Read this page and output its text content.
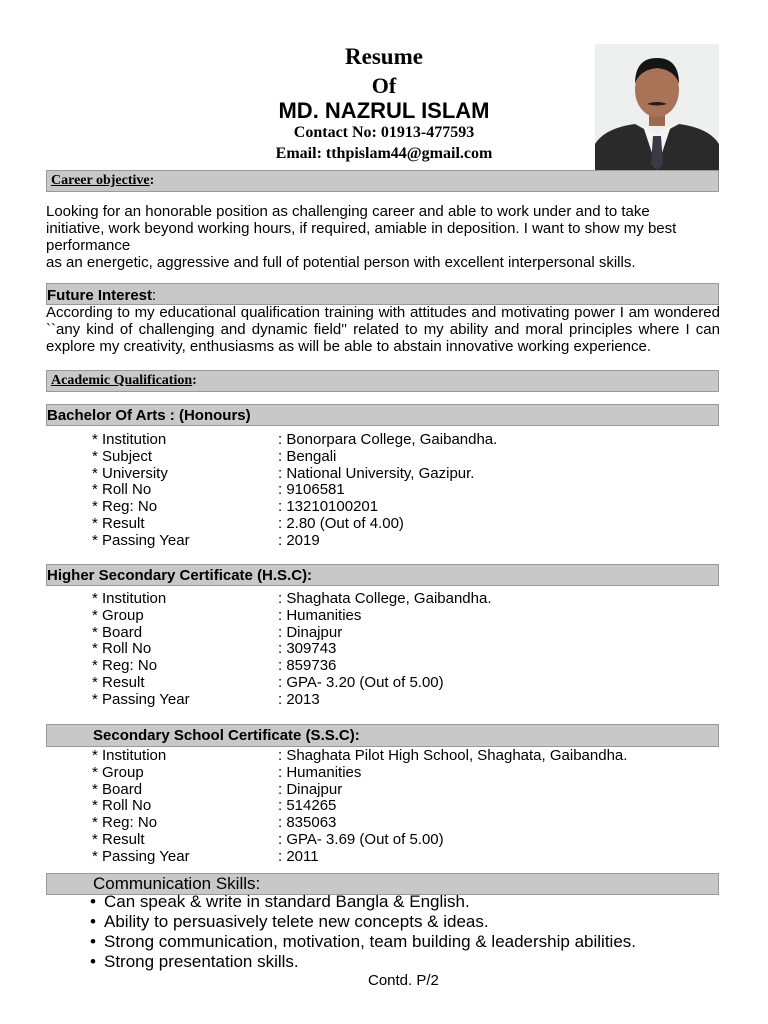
Resume
Of
MD. NAZRUL ISLAM
Contact No: 01913-477593
Email: tthpislam44@gmail.com
Career objective:
Looking for an honorable position as challenging career and able to work under and to take
initiative, work beyond working hours, if required, amiable in deposition. I want to show my best
performance
as an energetic, aggressive and full of potential person with excellent interpersonal skills.
Future Interest:
According to my educational qualification training with attitudes and motivating power I am wondered ``any kind of challenging and dynamic field'' related to my ability and moral principles where I can explore my creativity, enthusiasms as will be able to abstain innovative working experience.
Academic Qualification:
Bachelor Of Arts : (Honours)
* Institution	: Bonorpara College, Gaibandha.
* Subject	: Bengali
* University	: National University, Gazipur.
* Roll No	: 9106581
* Reg: No	: 13210100201
* Result	: 2.80 (Out of 4.00)
* Passing Year	: 2019
Higher Secondary Certificate (H.S.C):
* Institution	: Shaghata College, Gaibandha.
* Group	: Humanities
* Board	: Dinajpur
* Roll No	: 309743
* Reg: No	: 859736
* Result	: GPA- 3.20 (Out of 5.00)
* Passing Year	: 2013
Secondary School Certificate (S.S.C):
* Institution	: Shaghata Pilot High School, Shaghata, Gaibandha.
* Group	: Humanities
* Board	: Dinajpur
* Roll No	: 514265
* Reg: No	: 835063
* Result	: GPA- 3.69 (Out of 5.00)
* Passing Year	: 2011
Communication Skills:
• Can speak & write in standard Bangla & English.
• Ability to persuasively telete new concepts & ideas.
• Strong communication, motivation, team building & leadership abilities.
• Strong presentation skills.
Contd. P/2
